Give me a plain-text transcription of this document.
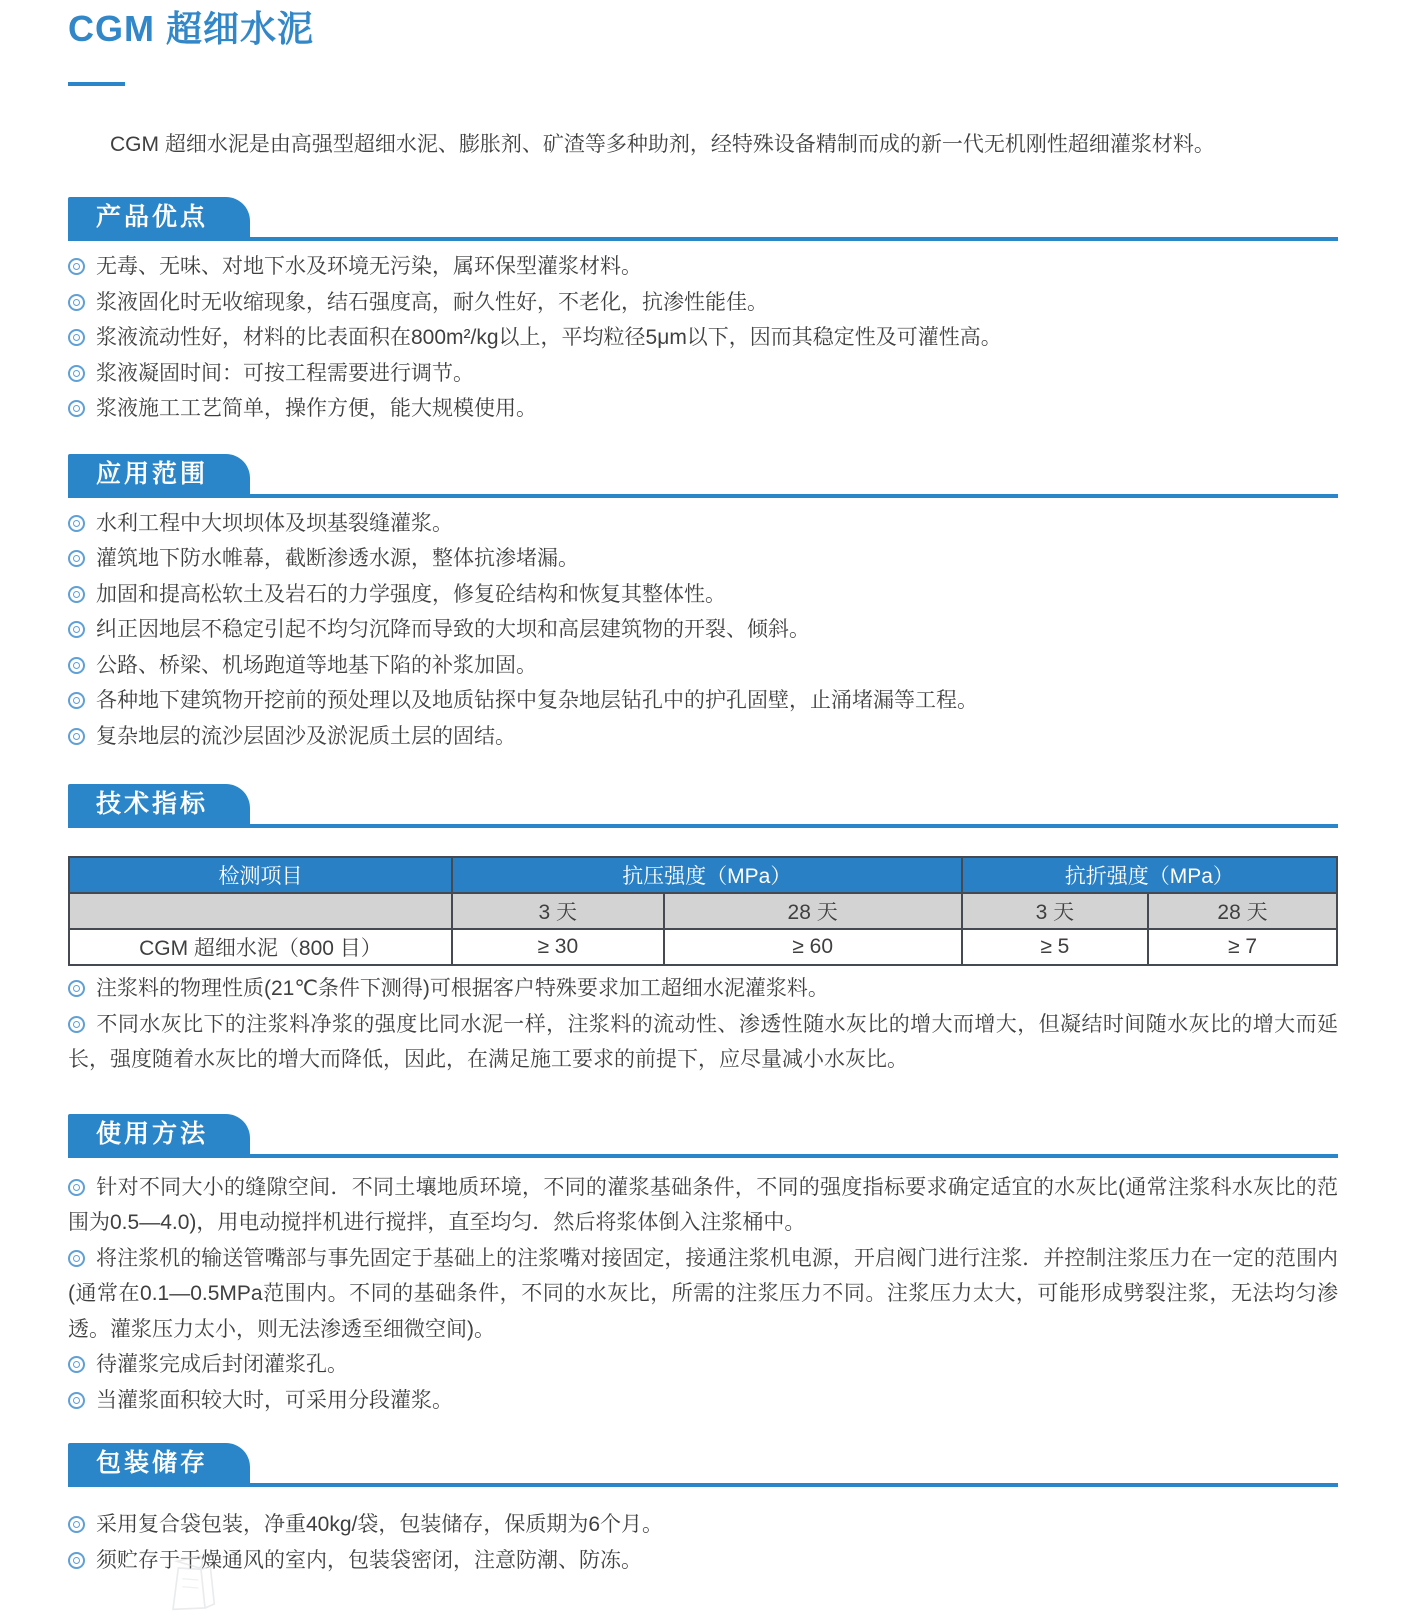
CGM 超细水泥

CGM 超细水泥是由高强型超细水泥、膨胀剂、矿渣等多种助剂，经特殊设备精制而成的新一代无机刚性超细灌浆材料。

产品优点
无毒、无味、对地下水及环境无污染，属环保型灌浆材料。
浆液固化时无收缩现象，结石强度高，耐久性好，不老化，抗渗性能佳。
浆液流动性好，材料的比表面积在800m²/kg以上，平均粒径5μm以下，因而其稳定性及可灌性高。
浆液凝固时间：可按工程需要进行调节。
浆液施工工艺简单，操作方便，能大规模使用。
应用范围
水利工程中大坝坝体及坝基裂缝灌浆。
灌筑地下防水帷幕，截断渗透水源，整体抗渗堵漏。
加固和提高松软土及岩石的力学强度，修复砼结构和恢复其整体性。
纠正因地层不稳定引起不均匀沉降而导致的大坝和高层建筑物的开裂、倾斜。
公路、桥梁、机场跑道等地基下陷的补浆加固。
各种地下建筑物开挖前的预处理以及地质钻探中复杂地层钻孔中的护孔固壁，止涌堵漏等工程。
复杂地层的流沙层固沙及淤泥质土层的固结。
技术指标
检测项目	抗压强度（MPa）		抗折强度（MPa）	
	3 天	28 天	3 天	28 天
CGM 超细水泥（800 目）	≥ 30	≥ 60	≥ 5	≥ 7
注浆料的物理性质(21℃条件下测得)可根据客户特殊要求加工超细水泥灌浆料。
不同水灰比下的注浆料净浆的强度比同水泥一样，注浆料的流动性、渗透性随水灰比的增大而增大，但凝结时间随水灰比的增大而延长，强度随着水灰比的增大而降低，因此，在满足施工要求的前提下，应尽量减小水灰比。
使用方法
针对不同大小的缝隙空间．不同土壤地质环境，不同的灌浆基础条件，不同的强度指标要求确定适宜的水灰比(通常注浆科水灰比的范围为0.5—4.0)，用电动搅拌机进行搅拌，直至均匀．然后将浆体倒入注浆桶中。
将注浆机的输送管嘴部与事先固定于基础上的注浆嘴对接固定，接通注浆机电源，开启阀门进行注浆．并控制注浆压力在一定的范围内(通常在0.1—0.5MPa范围内。不同的基础条件，不同的水灰比，所需的注浆压力不同。注浆压力太大，可能形成劈裂注浆，无法均匀渗透。灌浆压力太小，则无法渗透至细微空间)。
待灌浆完成后封闭灌浆孔。
当灌浆面积较大时，可采用分段灌浆。
包装储存
采用复合袋包装，净重40kg/袋，包装储存，保质期为6个月。
须贮存于干燥通风的室内，包装袋密闭，注意防潮、防冻。
